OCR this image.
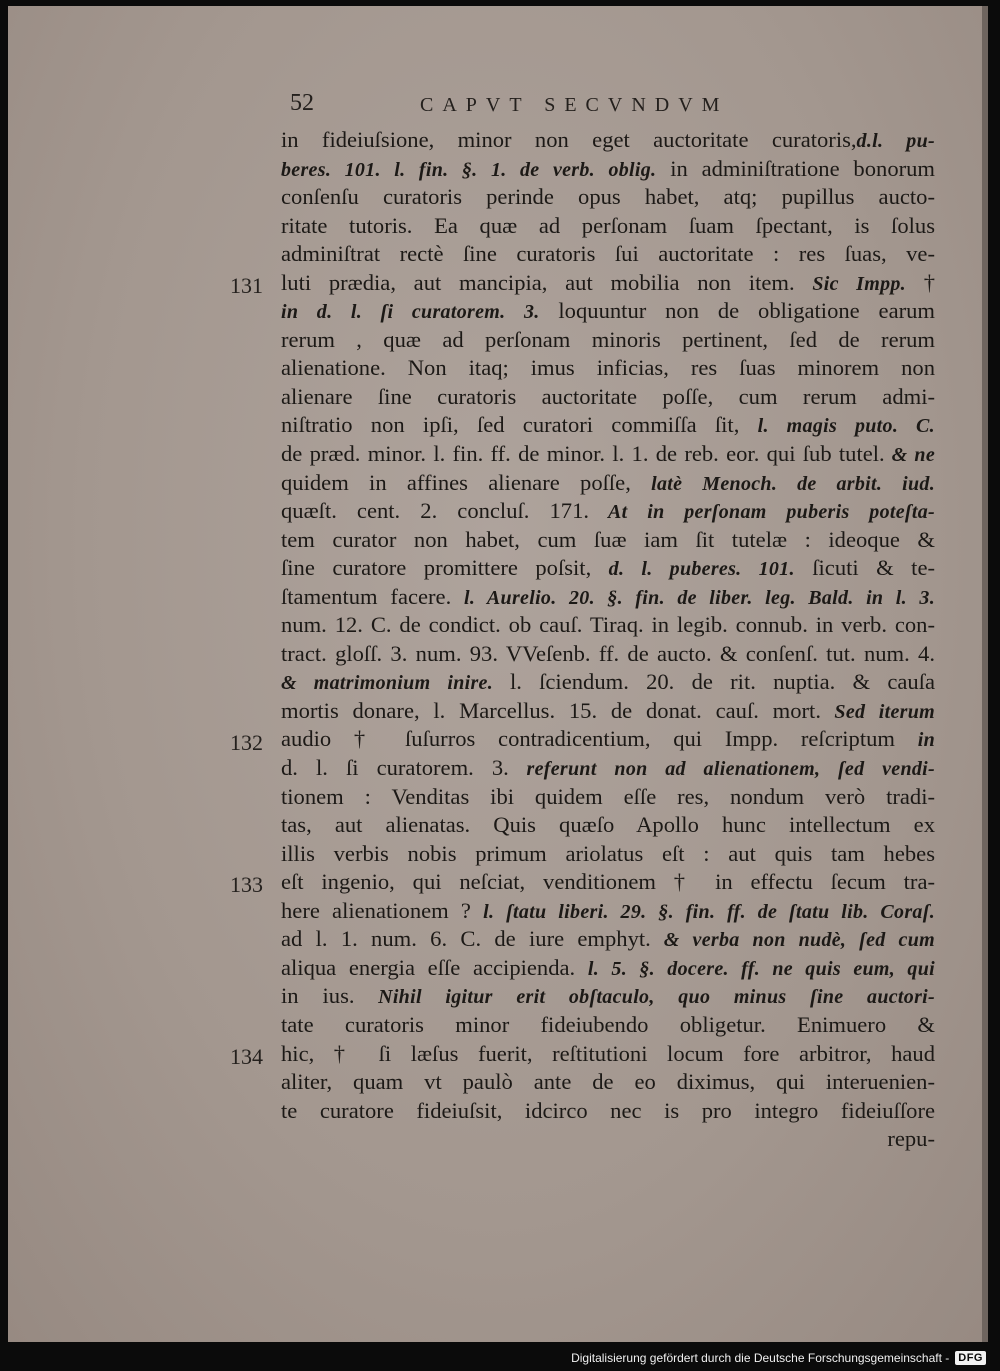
52	CAPVT SECVNDVM
in fideiuſsione, minor non eget auctoritate curatoris,d.l. pu-
beres. 101. l. fin. §. 1. de verb. oblig. in adminiſtratione bonorum
conſenſu curatoris perinde opus habet, atq; pupillus aucto-
ritate tutoris. Ea quæ ad perſonam ſuam ſpectant, is ſolus
adminiſtrat rectè ſine curatoris ſui auctoritate : res ſuas, ve-
luti prædia, aut mancipia, aut mobilia non item. Sic Impp. †
in d. l. ſi curatorem. 3. loquuntur non de obligatione earum
rerum , quæ ad perſonam minoris pertinent, ſed de rerum
alienatione. Non itaq; imus inficias, res ſuas minorem non
alienare ſine curatoris auctoritate poſſe, cum rerum admi-
niſtratio non ipſi, ſed curatori commiſſa ſit, l. magis puto. C.
de præd. minor. l. fin. ff. de minor. l. 1. de reb. eor. qui ſub tutel. & ne
quidem in affines alienare poſſe, latè Menoch. de arbit. iud.
quæſt. cent. 2. concluſ. 171. At in perſonam puberis poteſta-
tem curator non habet, cum ſuæ iam ſit tutelæ : ideoque &
ſine curatore promittere poſsit, d. l. puberes. 101. ſicuti & te-
ſtamentum facere. l. Aurelio. 20. §. fin. de liber. leg. Bald. in l. 3.
num. 12. C. de condict. ob cauſ. Tiraq. in legib. connub. in verb. con-
tract. gloſſ. 3. num. 93. VVeſenb. ff. de aucto. & conſenſ. tut. num. 4.
& matrimonium inire. l. ſciendum. 20. de rit. nuptia. & cauſa
mortis donare, l. Marcellus. 15. de donat. cauſ. mort. Sed iterum
audio † ſuſurros contradicentium, qui Impp. reſcriptum in
d. l. ſi curatorem. 3. referunt non ad alienationem, ſed vendi-
tionem : Venditas ibi quidem eſſe res, nondum verò tradi-
tas, aut alienatas. Quis quæſo Apollo hunc intellectum ex
illis verbis nobis primum ariolatus eſt : aut quis tam hebes
eſt ingenio, qui neſciat, venditionem † in effectu ſecum tra-
here alienationem ? l. ſtatu liberi. 29. §. fin. ff. de ſtatu lib. Coraſ.
ad l. 1. num. 6. C. de iure emphyt. & verba non nudè, ſed cum
aliqua energia eſſe accipienda. l. 5. §. docere. ff. ne quis eum, qui
in ius. Nihil igitur erit obſtaculo, quo minus ſine auctori-
tate curatoris minor fideiubendo obligetur. Enimuero &
hic, † ſi læſus fuerit, reſtitutioni locum fore arbitror, haud
aliter, quam vt paulò ante de eo diximus, qui interuenien-
te curatore fideiuſsit, idcirco nec is pro integro fideiuſſore
repu-
131
132
133
134
Digitalisierung gefördert durch die Deutsche Forschungsgemeinschaft - DFG
